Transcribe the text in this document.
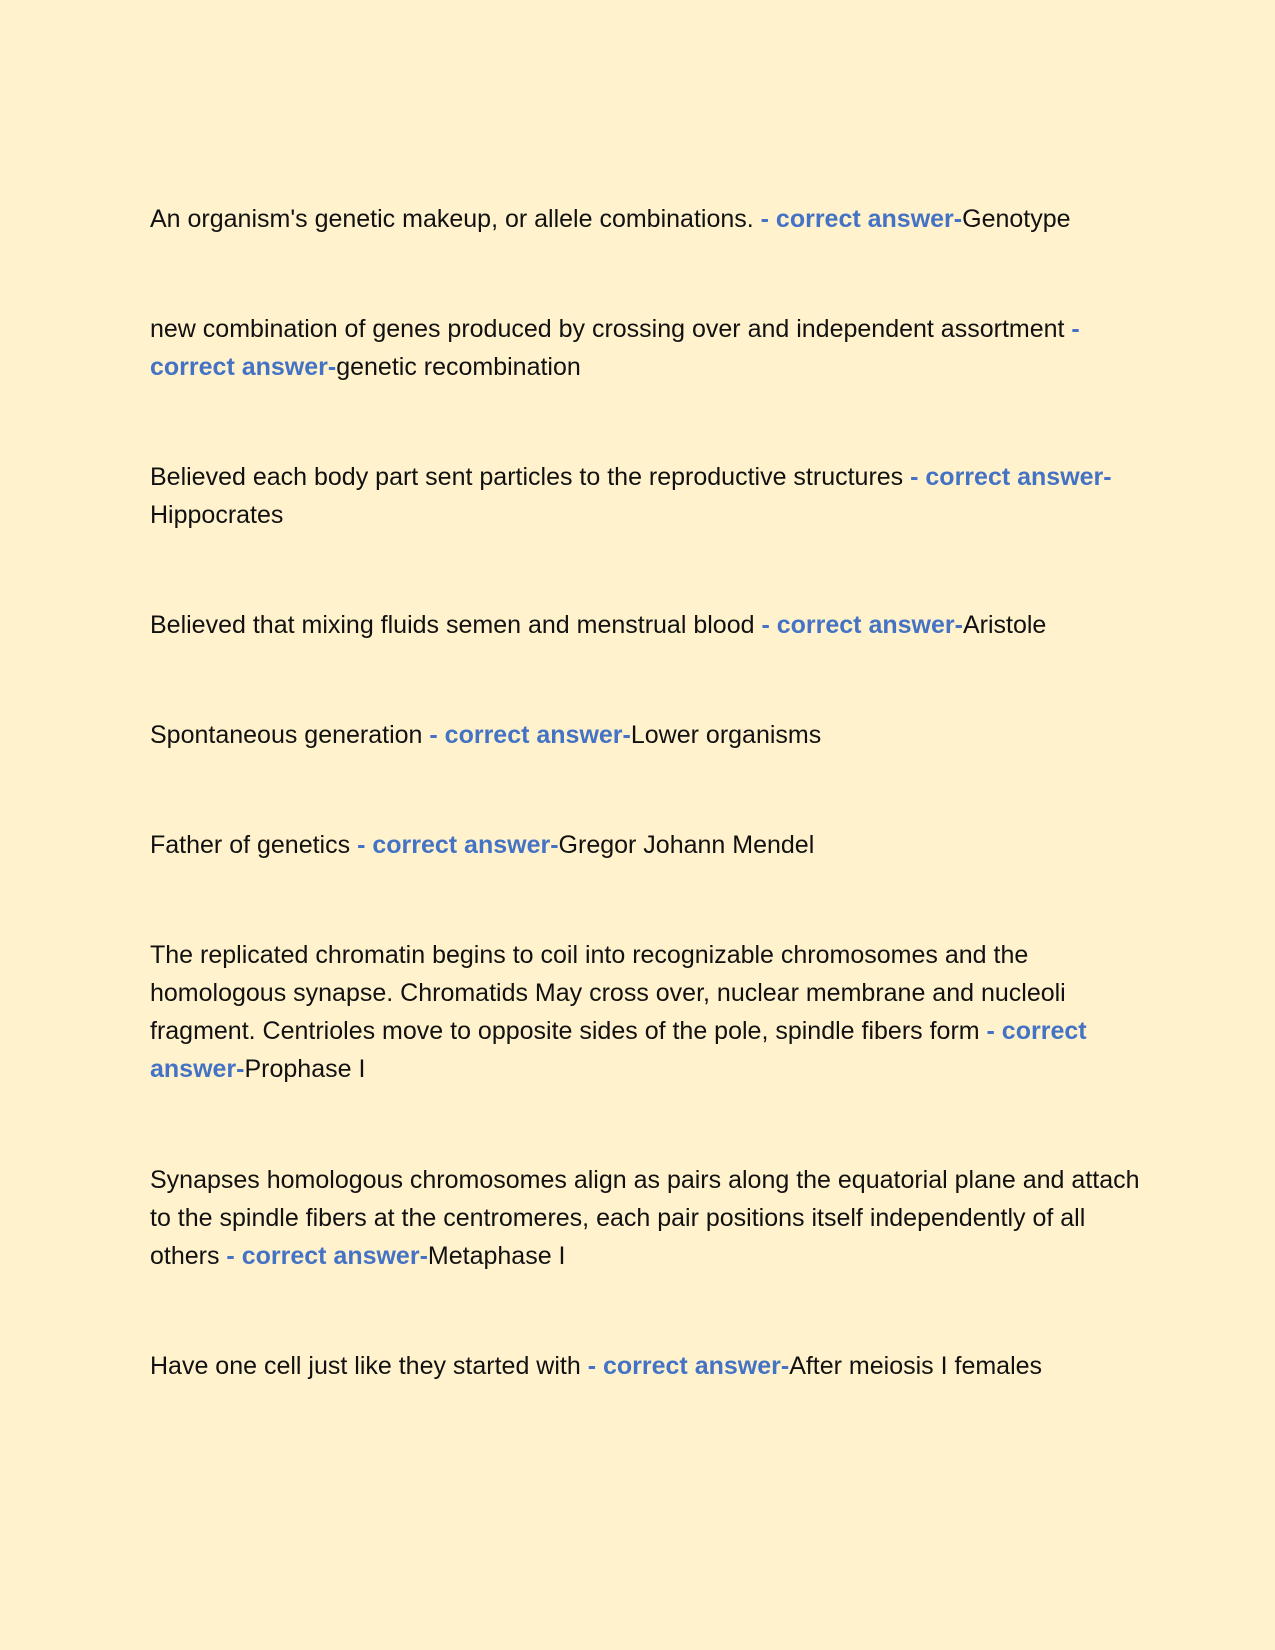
An organism's genetic makeup, or allele combinations. - correct answer-Genotype

new combination of genes produced by crossing over and independent assortment - correct answer-genetic recombination

Believed each body part sent particles to the reproductive structures - correct answer-Hippocrates

Believed that mixing fluids semen and menstrual blood - correct answer-Aristole

Spontaneous generation - correct answer-Lower organisms

Father of genetics - correct answer-Gregor Johann Mendel

The replicated chromatin begins to coil into recognizable chromosomes and the homologous synapse. Chromatids May cross over, nuclear membrane and nucleoli fragment. Centrioles move to opposite sides of the pole, spindle fibers form - correct answer-Prophase I

Synapses homologous chromosomes align as pairs along the equatorial plane and attach to the spindle fibers at the centromeres, each pair positions itself independently of all others - correct answer-Metaphase I

Have one cell just like they started with - correct answer-After meiosis I females
